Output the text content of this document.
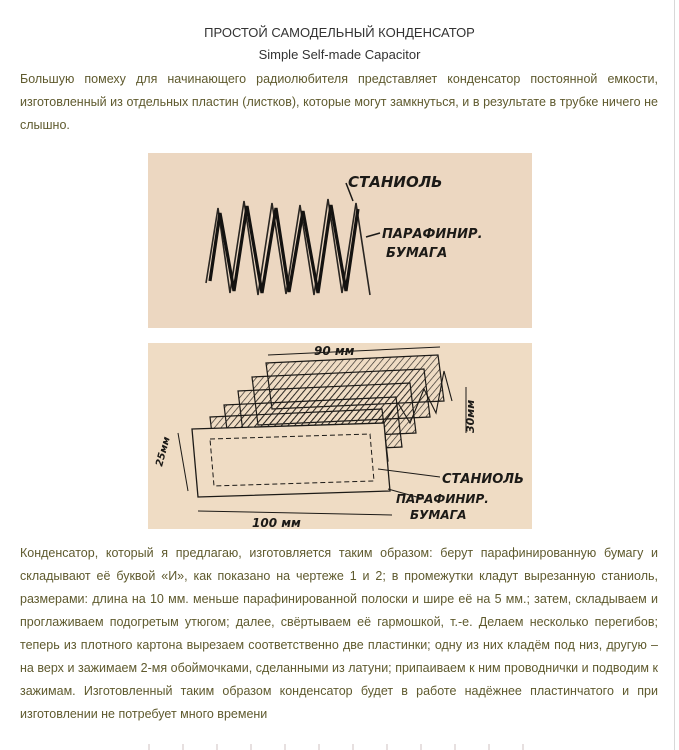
ПРОСТОЙ САМОДЕЛЬНЫЙ КОНДЕНСАТОР
Simple Self-made Capacitor
Большую помеху для начинающего радиолюбителя представляет конденсатор постоянной емкости, изготовленный из отдельных пластин (листков), которые могут замкнуться, и в результате в трубке ничего не слышно.
СТАНИОЛЬ
ПАРАФИНИР.
БУМАГА
90 мм
30мм
25мм
100 мм
СТАНИОЛЬ
ПАРАФИНИР.
БУМАГА
Конденсатор, который я предлагаю, изготовляется таким образом: берут парафинированную бумагу и складывают её буквой «И», как показано на чертеже 1 и 2; в промежутки кладут вырезанную станиоль, размерами: длина на 10 мм. меньше парафинированной полоски и шире её на 5 мм.; затем, складываем и проглаживаем подогретым утюгом; далее, свёртываем её гармошкой, т.-е. Делаем несколько перегибов; теперь из плотного картона вырезаем соответственно две пластинки; одну из них кладём под низ, другую – на верх и зажимаем 2-мя обоймочками, сделанными из латуни; припаиваем к ним проводнички и подводим к зажимам. Изготовленный таким образом конденсатор будет в работе надёжнее пластинчатого и при изготовлении не потребует много времени
